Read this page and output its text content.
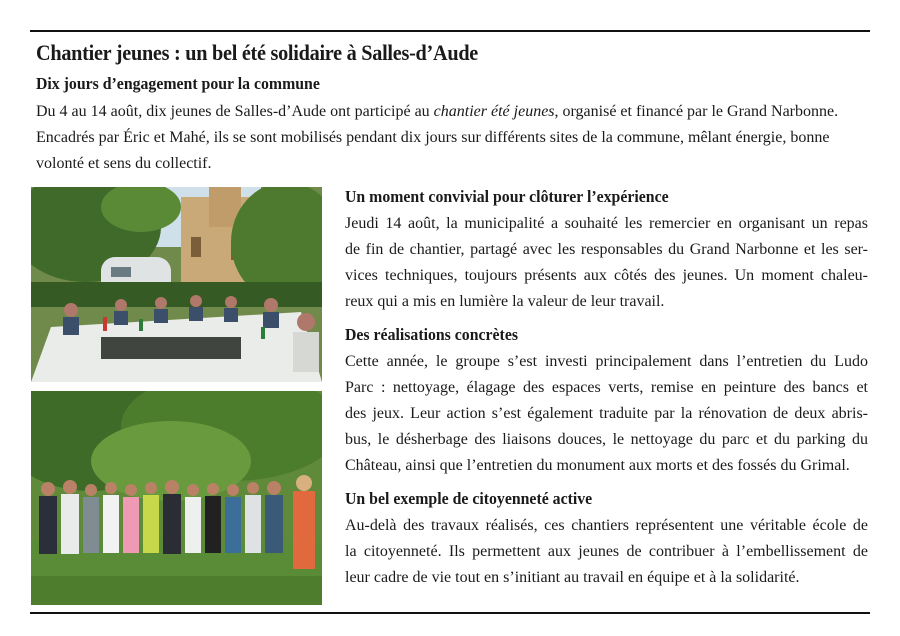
Chantier jeunes : un bel été solidaire à Salles-d’Aude
Dix jours d’engagement pour la commune

Du 4 au 14 août, dix jeunes de Salles-d’Aude ont participé au chantier été jeunes, organisé et financé par le Grand Narbonne.
Encadrés par Éric et Mahé, ils se sont mobilisés pendant dix jours sur différents sites de la commune, mêlant énergie, bonne
volonté et sens du collectif.

Un moment convivial pour clôturer l’expérience

Jeudi 14 août, la municipalité a souhaité les remercier en organisant un repas
de fin de chantier, partagé avec les responsables du Grand Narbonne et les ser-
vices techniques, toujours présents aux côtés des jeunes. Un moment chaleu-
reux qui a mis en lumière la valeur de leur travail.

Des réalisations concrètes

Cette année, le groupe s’est investi principalement dans l’entretien du Ludo
Parc : nettoyage, élagage des espaces verts, remise en peinture des bancs et
des jeux. Leur action s’est également traduite par la rénovation de deux abris-
bus, le désherbage des liaisons douces, le nettoyage du parc et du parking du
Château, ainsi que l’entretien du monument aux morts et des fossés du Grimal.

Un bel exemple de citoyenneté active

Au-delà des travaux réalisés, ces chantiers représentent une véritable école de
la citoyenneté. Ils permettent aux jeunes de contribuer à l’embellissement de
leur cadre de vie tout en s’initiant au travail en équipe et à la solidarité.
